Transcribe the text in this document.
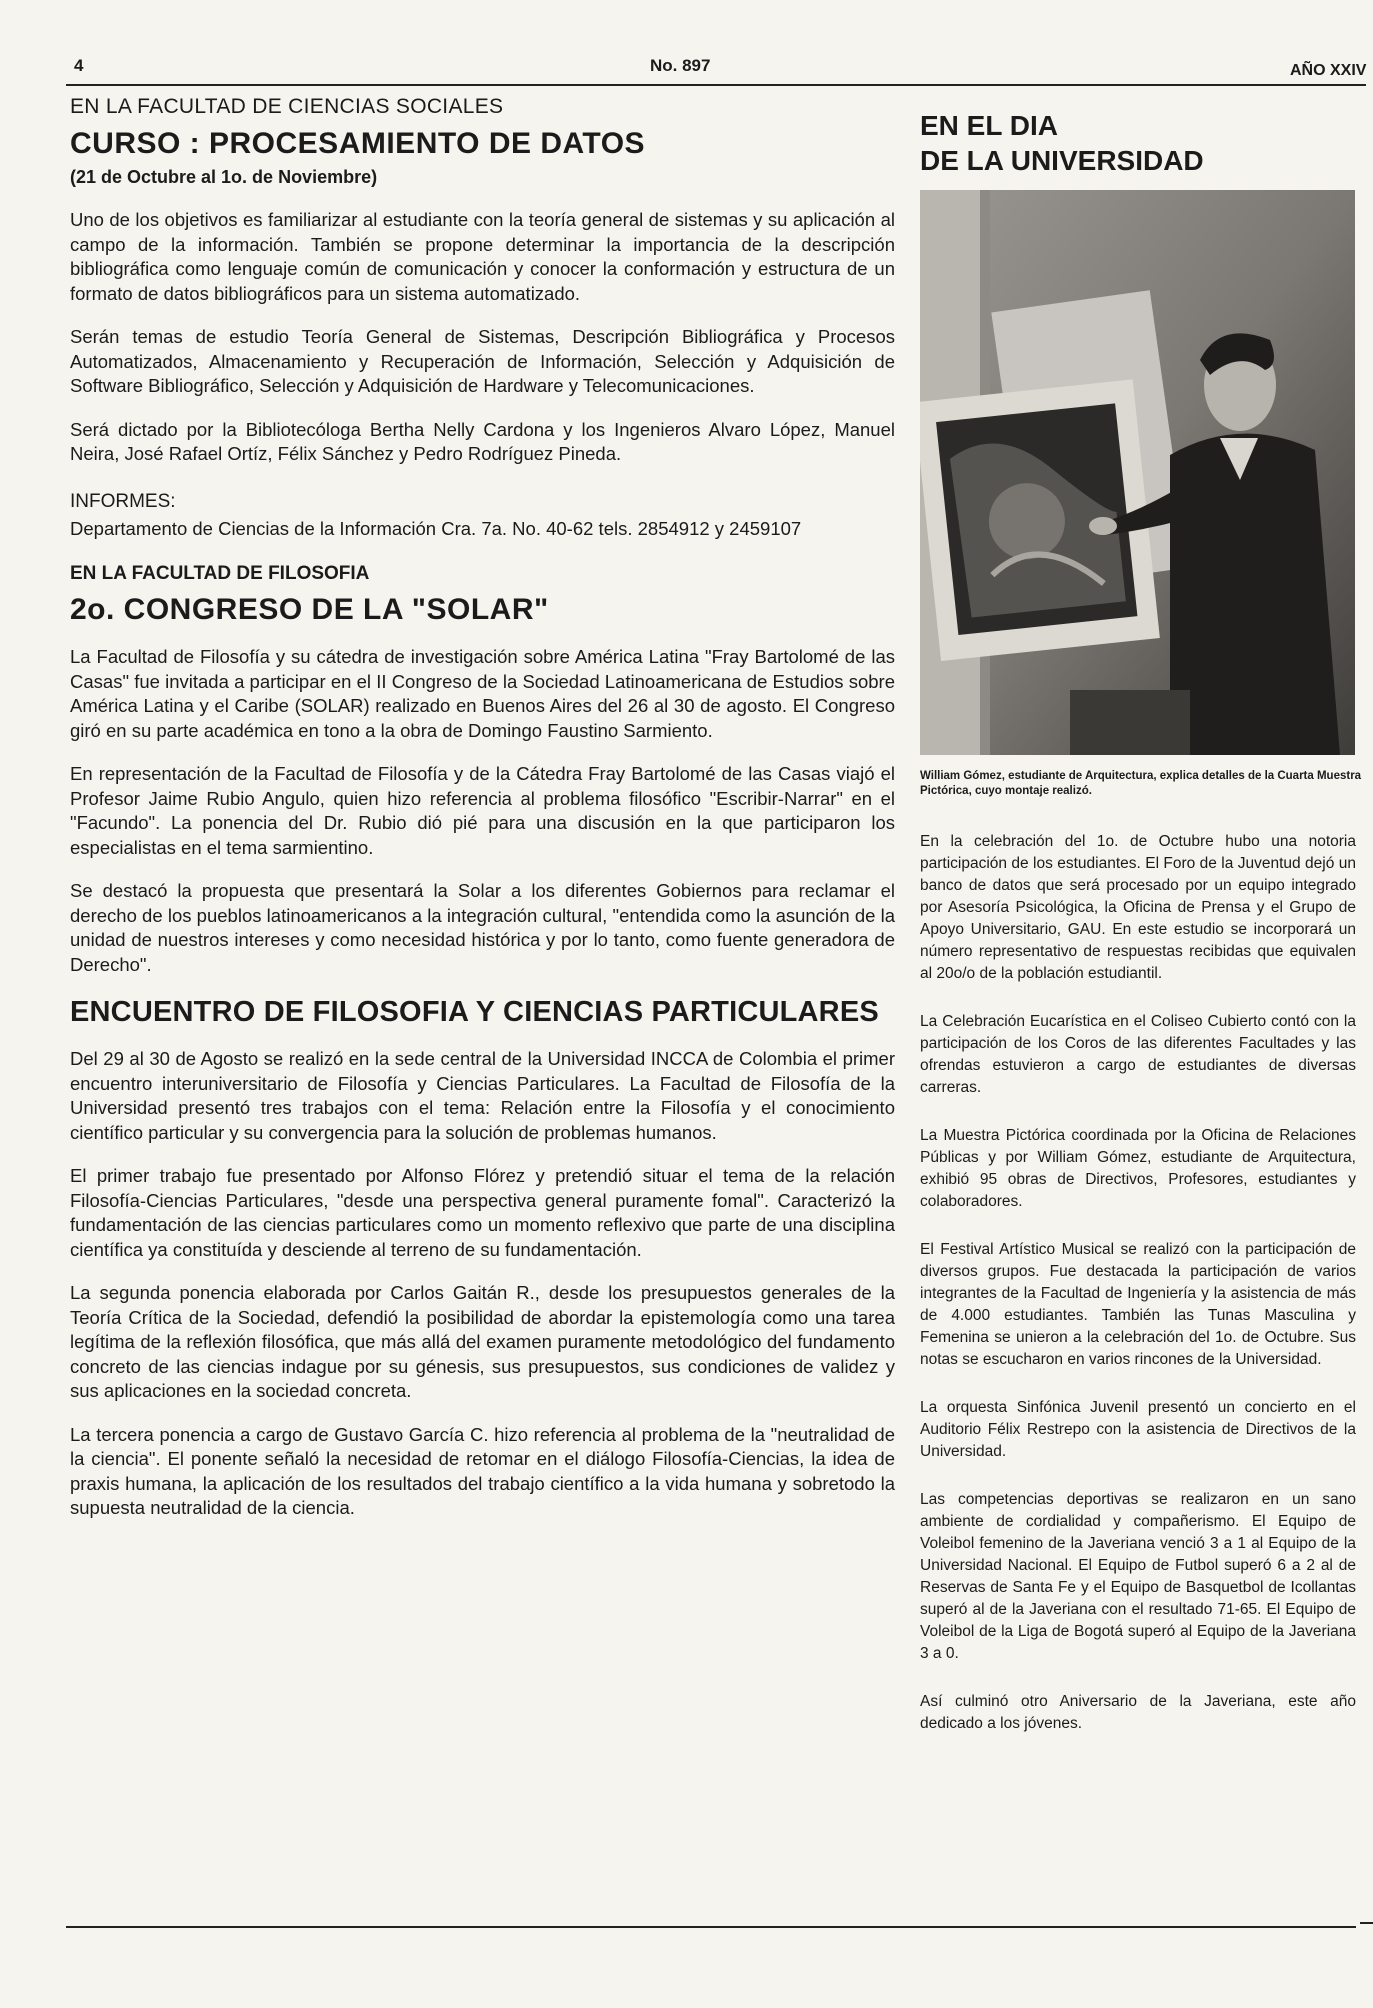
4	No. 897	AÑO XXIV

EN LA FACULTAD DE CIENCIAS SOCIALES

CURSO : PROCESAMIENTO DE DATOS

(21 de Octubre al 1o. de Noviembre)

Uno de los objetivos es familiarizar al estudiante con la teoría general de sistemas y su aplicación al campo de la información. También se propone determinar la importancia de la descripción bibliográfica como lenguaje común de comunicación y conocer la conformación y estructura de un formato de datos bibliográficos para un sistema automatizado.

Serán temas de estudio Teoría General de Sistemas, Descripción Bibliográfica y Procesos Automatizados, Almacenamiento y Recuperación de Información, Selección y Adquisición de Software Bibliográfico, Selección y Adquisición de Hardware y Telecomunicaciones.

Será dictado por la Bibliotecóloga Bertha Nelly Cardona y los Ingenieros Alvaro López, Manuel Neira, José Rafael Ortíz, Félix Sánchez y Pedro Rodríguez Pineda.

INFORMES:

Departamento de Ciencias de la Información Cra. 7a. No. 40-62 tels. 2854912 y 2459107

EN LA FACULTAD DE FILOSOFIA

2o. CONGRESO DE LA "SOLAR"

La Facultad de Filosofía y su cátedra de investigación sobre América Latina "Fray Bartolomé de las Casas" fue invitada a participar en el II Congreso de la Sociedad Latinoamericana de Estudios sobre América Latina y el Caribe (SOLAR) realizado en Buenos Aires del 26 al 30 de agosto. El Congreso giró en su parte académica en tono a la obra de Domingo Faustino Sarmiento.

En representación de la Facultad de Filosofía y de la Cátedra Fray Bartolomé de las Casas viajó el Profesor Jaime Rubio Angulo, quien hizo referencia al problema filosófico "Escribir-Narrar" en el "Facundo". La ponencia del Dr. Rubio dió pié para una discusión en la que participaron los especialistas en el tema sarmientino.

Se destacó la propuesta que presentará la Solar a los diferentes Gobiernos para reclamar el derecho de los pueblos latinoamericanos a la integración cultural, "entendida como la asunción de la unidad de nuestros intereses y como necesidad histórica y por lo tanto, como fuente generadora de Derecho".

ENCUENTRO DE FILOSOFIA Y CIENCIAS PARTICULARES

Del 29 al 30 de Agosto se realizó en la sede central de la Universidad INCCA de Colombia el primer encuentro interuniversitario de Filosofía y Ciencias Particulares. La Facultad de Filosofía de la Universidad presentó tres trabajos con el tema: Relación entre la Filosofía y el conocimiento científico particular y su convergencia para la solución de problemas humanos.

El primer trabajo fue presentado por Alfonso Flórez y pretendió situar el tema de la relación Filosofía-Ciencias Particulares, "desde una perspectiva general puramente fomal". Caracterizó la fundamentación de las ciencias particulares como un momento reflexivo que parte de una disciplina científica ya constituída y desciende al terreno de su fundamentación.

La segunda ponencia elaborada por Carlos Gaitán R., desde los presupuestos generales de la Teoría Crítica de la Sociedad, defendió la posibilidad de abordar la epistemología como una tarea legítima de la reflexión filosófica, que más allá del examen puramente metodológico del fundamento concreto de las ciencias indague por su génesis, sus presupuestos, sus condiciones de validez y sus aplicaciones en la sociedad concreta.

La tercera ponencia a cargo de Gustavo García C. hizo referencia al problema de la "neutralidad de la ciencia". El ponente señaló la necesidad de retomar en el diálogo Filosofía-Ciencias, la idea de praxis humana, la aplicación de los resultados del trabajo científico a la vida humana y sobretodo la supuesta neutralidad de la ciencia.

EN EL DIA
DE LA UNIVERSIDAD

William Gómez, estudiante de Arquitectura, explica detalles de la Cuarta Muestra Pictórica, cuyo montaje realizó.

En la celebración del 1o. de Octubre hubo una notoria participación de los estudiantes. El Foro de la Juventud dejó un banco de datos que será procesado por un equipo integrado por Asesoría Psicológica, la Oficina de Prensa y el Grupo de Apoyo Universitario, GAU. En este estudio se incorporará un número representativo de respuestas recibidas que equivalen al 20o/o de la población estudiantil.

La Celebración Eucarística en el Coliseo Cubierto contó con la participación de los Coros de las diferentes Facultades y las ofrendas estuvieron a cargo de estudiantes de diversas carreras.

La Muestra Pictórica coordinada por la Oficina de Relaciones Públicas y por William Gómez, estudiante de Arquitectura, exhibió 95 obras de Directivos, Profesores, estudiantes y colaboradores.

El Festival Artístico Musical se realizó con la participación de diversos grupos. Fue destacada la participación de varios integrantes de la Facultad de Ingeniería y la asistencia de más de 4.000 estudiantes. También las Tunas Masculina y Femenina se unieron a la celebración del 1o. de Octubre. Sus notas se escucharon en varios rincones de la Universidad.

La orquesta Sinfónica Juvenil presentó un concierto en el Auditorio Félix Restrepo con la asistencia de Directivos de la Universidad.

Las competencias deportivas se realizaron en un sano ambiente de cordialidad y compañerismo. El Equipo de Voleibol femenino de la Javeriana venció 3 a 1 al Equipo de la Universidad Nacional. El Equipo de Futbol superó 6 a 2 al de Reservas de Santa Fe y el Equipo de Basquetbol de Icollantas superó al de la Javeriana con el resultado 71-65. El Equipo de Voleibol de la Liga de Bogotá superó al Equipo de la Javeriana 3 a 0.

Así culminó otro Aniversario de la Javeriana, este año dedicado a los jóvenes.
